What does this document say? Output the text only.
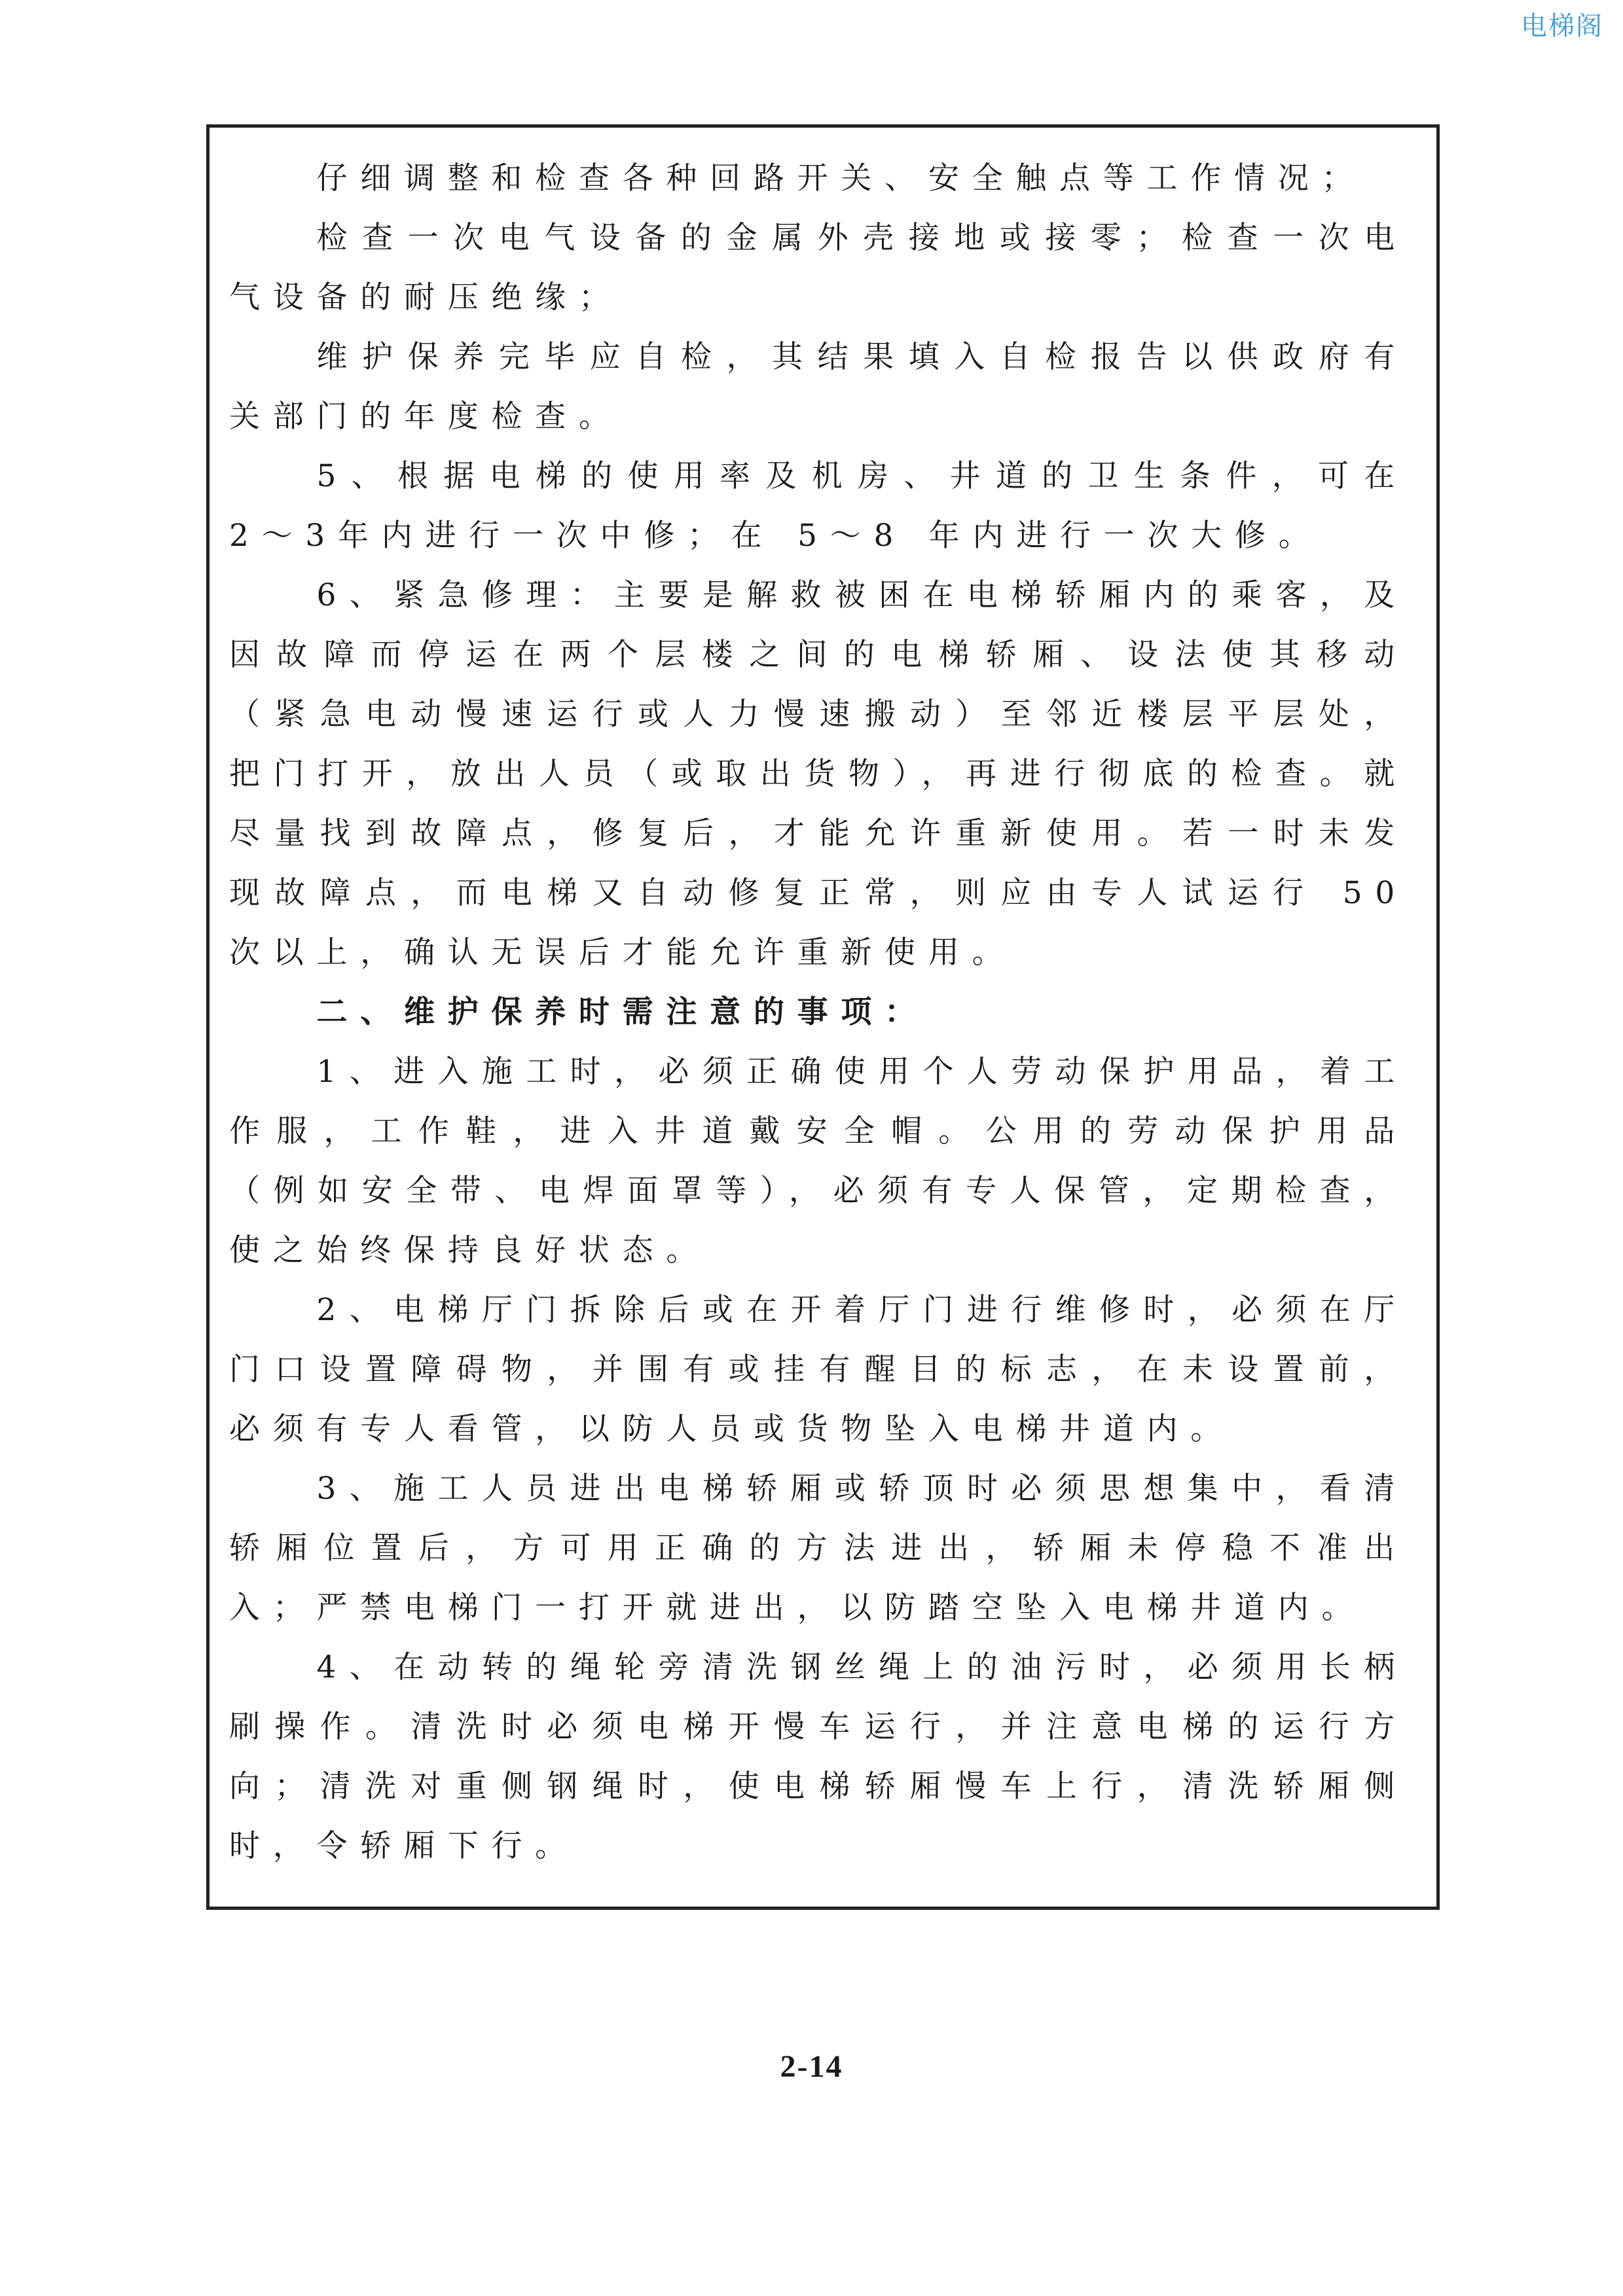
电梯阁

仔细调整和检查各种回路开关、安全触点等工作情况；

检查一次电气设备的金属外壳接地或接零；检查一次电气设备的耐压绝缘；

维护保养完毕应自检，其结果填入自检报告以供政府有关部门的年度检查。

5、根据电梯的使用率及机房、井道的卫生条件，可在 2～3年内进行一次中修；在 5～8 年内进行一次大修。

6、紧急修理：主要是解救被困在电梯轿厢内的乘客，及因故障而停运在两个层楼之间的电梯轿厢、设法使其移动（紧急电动慢速运行或人力慢速搬动）至邻近楼层平层处，把门打开，放出人员（或取出货物），再进行彻底的检查。就尽量找到故障点，修复后，才能允许重新使用。若一时未发现故障点，而电梯又自动修复正常，则应由专人试运行 50次以上，确认无误后才能允许重新使用。

二、维护保养时需注意的事项：

1、进入施工时，必须正确使用个人劳动保护用品，着工作服，工作鞋，进入井道戴安全帽。公用的劳动保护用品（例如安全带、电焊面罩等），必须有专人保管，定期检查，使之始终保持良好状态。

2、电梯厅门拆除后或在开着厅门进行维修时，必须在厅门口设置障碍物，并围有或挂有醒目的标志，在未设置前，必须有专人看管，以防人员或货物坠入电梯井道内。

3、施工人员进出电梯轿厢或轿顶时必须思想集中，看清轿厢位置后，方可用正确的方法进出，轿厢未停稳不准出入；严禁电梯门一打开就进出，以防踏空坠入电梯井道内。

4、在动转的绳轮旁清洗钢丝绳上的油污时，必须用长柄刷操作。清洗时必须电梯开慢车运行，并注意电梯的运行方向；清洗对重侧钢绳时，使电梯轿厢慢车上行，清洗轿厢侧时，令轿厢下行。

2-14
